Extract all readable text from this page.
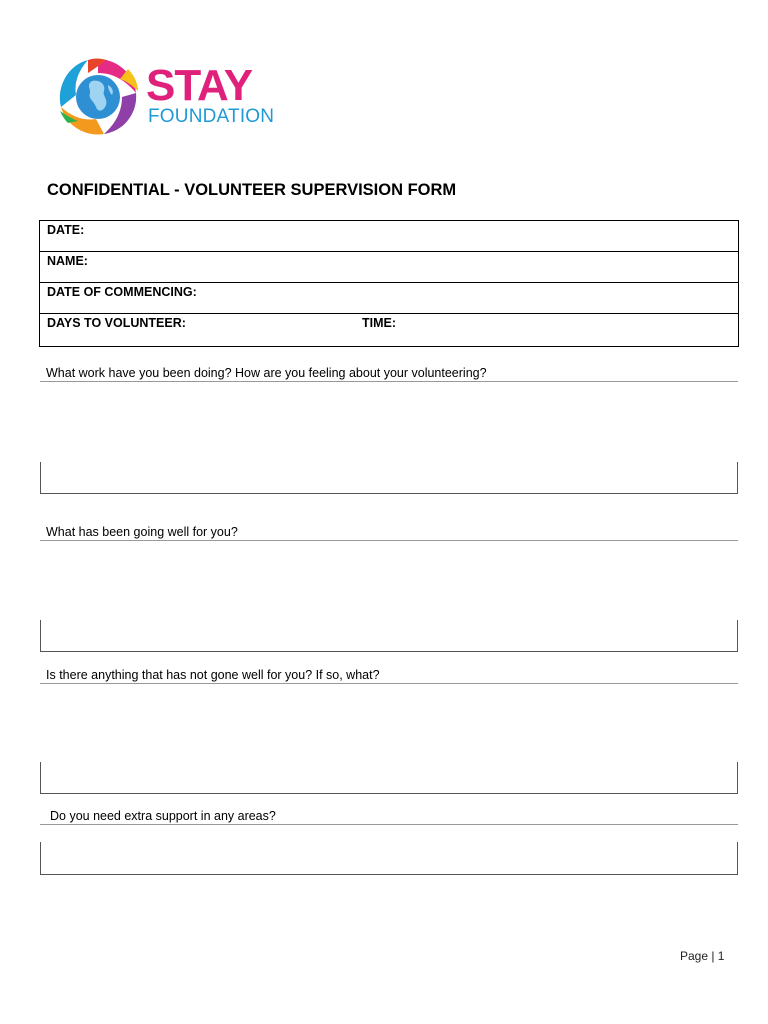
STAY
FOUNDATION
CONFIDENTIAL - VOLUNTEER SUPERVISION FORM
DATE:
NAME:
DATE OF COMMENCING:
DAYS TO VOLUNTEER:	TIME:
What work have you been doing? How are you feeling about your volunteering?
What has been going well for you?
Is there anything that has not gone well for you? If so, what?
Do you need extra support in any areas?
Page | 1
